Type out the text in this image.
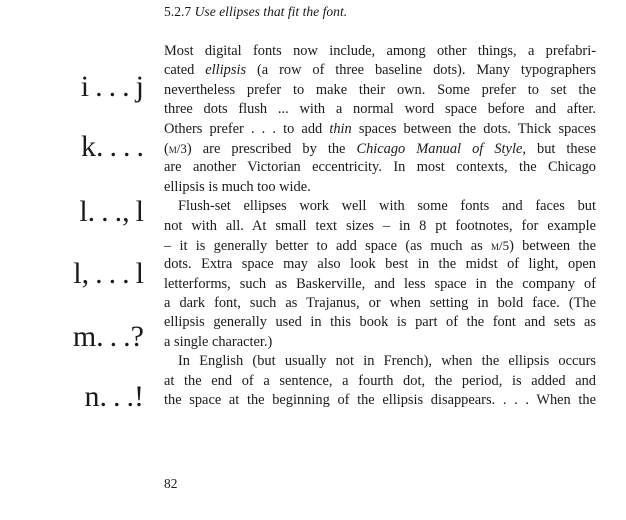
5.2.7 Use ellipses that fit the font.
i . . . j
k. . . .
l. . ., l
l, . . . l
m. . .?
n. . .!
Most digital fonts now include, among other things, a prefabri-
cated ellipsis (a row of three baseline dots). Many typographers
nevertheless prefer to make their own. Some prefer to set the
three dots flush ... with a normal word space before and after.
Others prefer . . . to add thin spaces between the dots. Thick spaces
(m/3) are prescribed by the Chicago Manual of Style, but these
are another Victorian eccentricity. In most contexts, the Chicago
ellipsis is much too wide.
Flush-set ellipses work well with some fonts and faces but
not with all. At small text sizes – in 8 pt footnotes, for example
– it is generally better to add space (as much as m/5) between the
dots. Extra space may also look best in the midst of light, open
letterforms, such as Baskerville, and less space in the company of
a dark font, such as Trajanus, or when setting in bold face. (The
ellipsis generally used in this book is part of the font and sets as
a single character.)
In English (but usually not in French), when the ellipsis occurs
at the end of a sentence, a fourth dot, the period, is added and
the space at the beginning of the ellipsis disappears. . . . When the
82
